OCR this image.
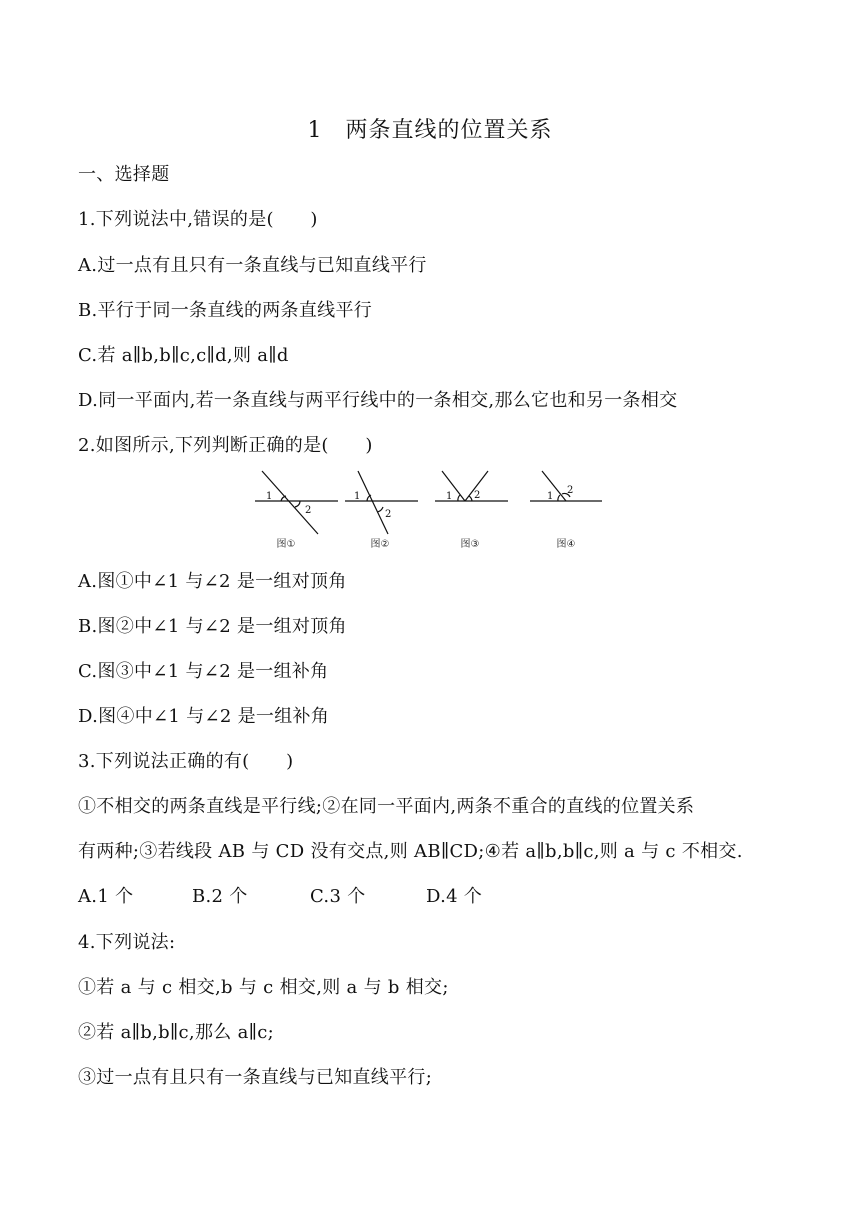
1　两条直线的位置关系
一、选择题
1.下列说法中,错误的是(　　)
A.过一点有且只有一条直线与已知直线平行
B.平行于同一条直线的两条直线平行
C.若 a∥b,b∥c,c∥d,则 a∥d
D.同一平面内,若一条直线与两平行线中的一条相交,那么它也和另一条相交
2.如图所示,下列判断正确的是(　　)
1
2
1
2
1 2	1
2
图①	图②	图③	图④
A.图①中∠1 与∠2 是一组对顶角
B.图②中∠1 与∠2 是一组对顶角
C.图③中∠1 与∠2 是一组补角
D.图④中∠1 与∠2 是一组补角
3.下列说法正确的有(　　)
①不相交的两条直线是平行线;②在同一平面内,两条不重合的直线的位置关系
有两种;③若线段 AB 与 CD 没有交点,则 AB∥CD;④若 a∥b,b∥c,则 a 与 c 不相交.
A.1 个	B.2 个	C.3 个	D.4 个
4.下列说法:
①若 a 与 c 相交,b 与 c 相交,则 a 与 b 相交;
②若 a∥b,b∥c,那么 a∥c;
③过一点有且只有一条直线与已知直线平行;
